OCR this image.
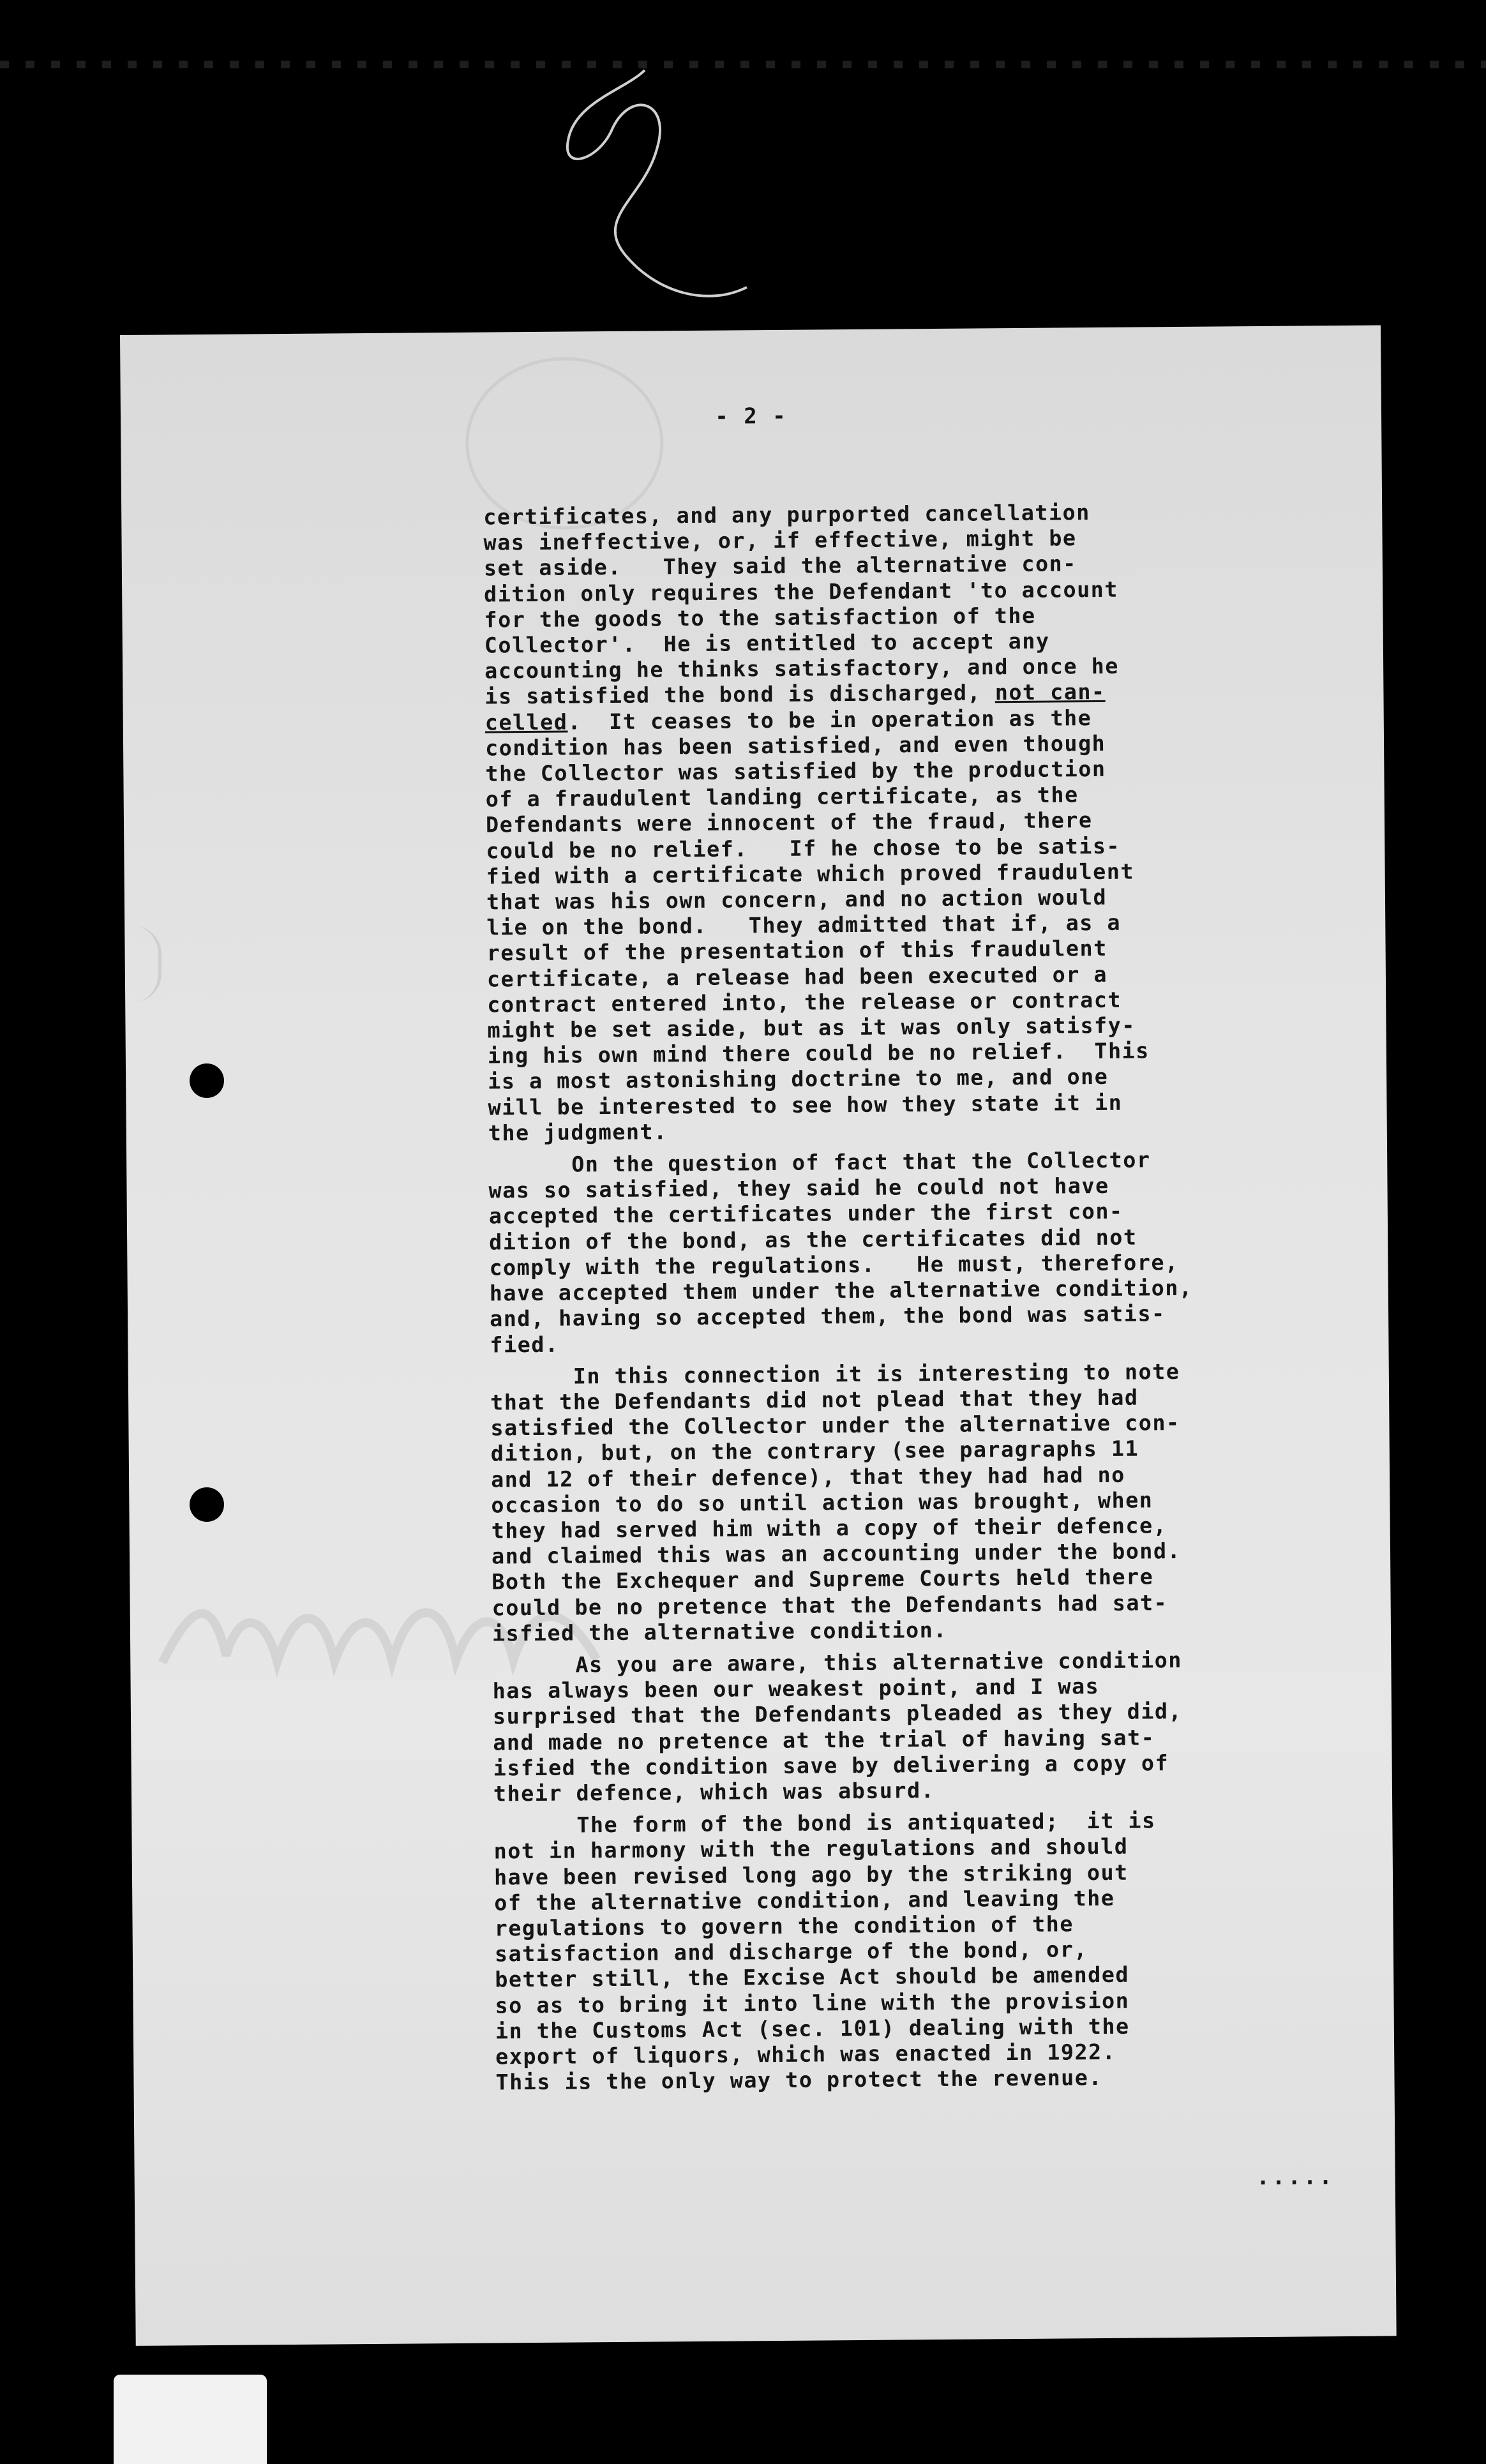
- 2 -
certificates, and any purported cancellation
was ineffective, or, if effective, might be
set aside.   They said the alternative con-
dition only requires the Defendant 'to account
for the goods to the satisfaction of the
Collector'.  He is entitled to accept any
accounting he thinks satisfactory, and once he
is satisfied the bond is discharged, not can-
celled.  It ceases to be in operation as the
condition has been satisfied, and even though
the Collector was satisfied by the production
of a fraudulent landing certificate, as the
Defendants were innocent of the fraud, there
could be no relief.   If he chose to be satis-
fied with a certificate which proved fraudulent
that was his own concern, and no action would
lie on the bond.   They admitted that if, as a
result of the presentation of this fraudulent
certificate, a release had been executed or a
contract entered into, the release or contract
might be set aside, but as it was only satisfy-
ing his own mind there could be no relief.  This
is a most astonishing doctrine to me, and one
will be interested to see how they state it in
the judgment.
On the question of fact that the Collector
was so satisfied, they said he could not have
accepted the certificates under the first con-
dition of the bond, as the certificates did not
comply with the regulations.   He must, therefore,
have accepted them under the alternative condition,
and, having so accepted them, the bond was satis-
fied.
In this connection it is interesting to note
that the Defendants did not plead that they had
satisfied the Collector under the alternative con-
dition, but, on the contrary (see paragraphs 11
and 12 of their defence), that they had had no
occasion to do so until action was brought, when
they had served him with a copy of their defence,
and claimed this was an accounting under the bond.
Both the Exchequer and Supreme Courts held there
could be no pretence that the Defendants had sat-
isfied the alternative condition.
As you are aware, this alternative condition
has always been our weakest point, and I was
surprised that the Defendants pleaded as they did,
and made no pretence at the trial of having sat-
isfied the condition save by delivering a copy of
their defence, which was absurd.
The form of the bond is antiquated;  it is
not in harmony with the regulations and should
have been revised long ago by the striking out
of the alternative condition, and leaving the
regulations to govern the condition of the
satisfaction and discharge of the bond, or,
better still, the Excise Act should be amended
so as to bring it into line with the provision
in the Customs Act (sec. 101) dealing with the
export of liquors, which was enacted in 1922.
This is the only way to protect the revenue.
.....
